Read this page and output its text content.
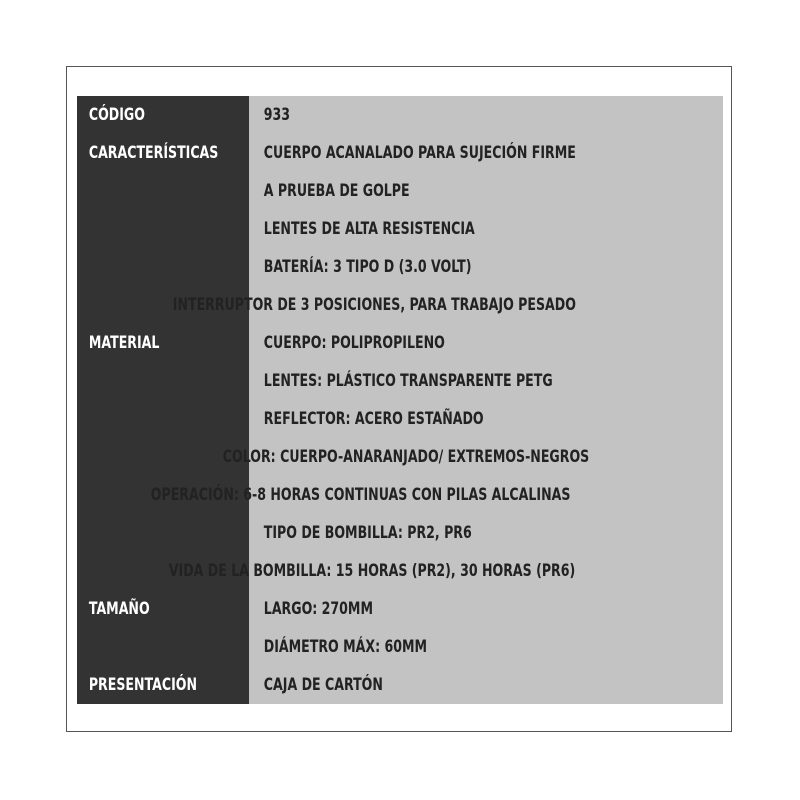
CÓDIGO	933
CARACTERÍSTICAS	CUERPO ACANALADO PARA SUJECIÓN FIRME
A PRUEBA DE GOLPE
LENTES DE ALTA RESISTENCIA
BATERÍA: 3 TIPO D (3.0 VOLT)
INTERRUPTOR DE 3 POSICIONES, PARA TRABAJO PESADO
MATERIAL	CUERPO: POLIPROPILENO
LENTES: PLÁSTICO TRANSPARENTE PETG
REFLECTOR: ACERO ESTAÑADO
COLOR: CUERPO-ANARANJADO/ EXTREMOS-NEGROS
OPERACIÓN: 6-8 HORAS CONTINUAS CON PILAS ALCALINAS
TIPO DE BOMBILLA: PR2, PR6
VIDA DE LA BOMBILLA: 15 HORAS (PR2), 30 HORAS (PR6)
TAMAÑO	LARGO: 270MM
DIÁMETRO MÁX: 60MM
PRESENTACIÓN	CAJA DE CARTÓN
